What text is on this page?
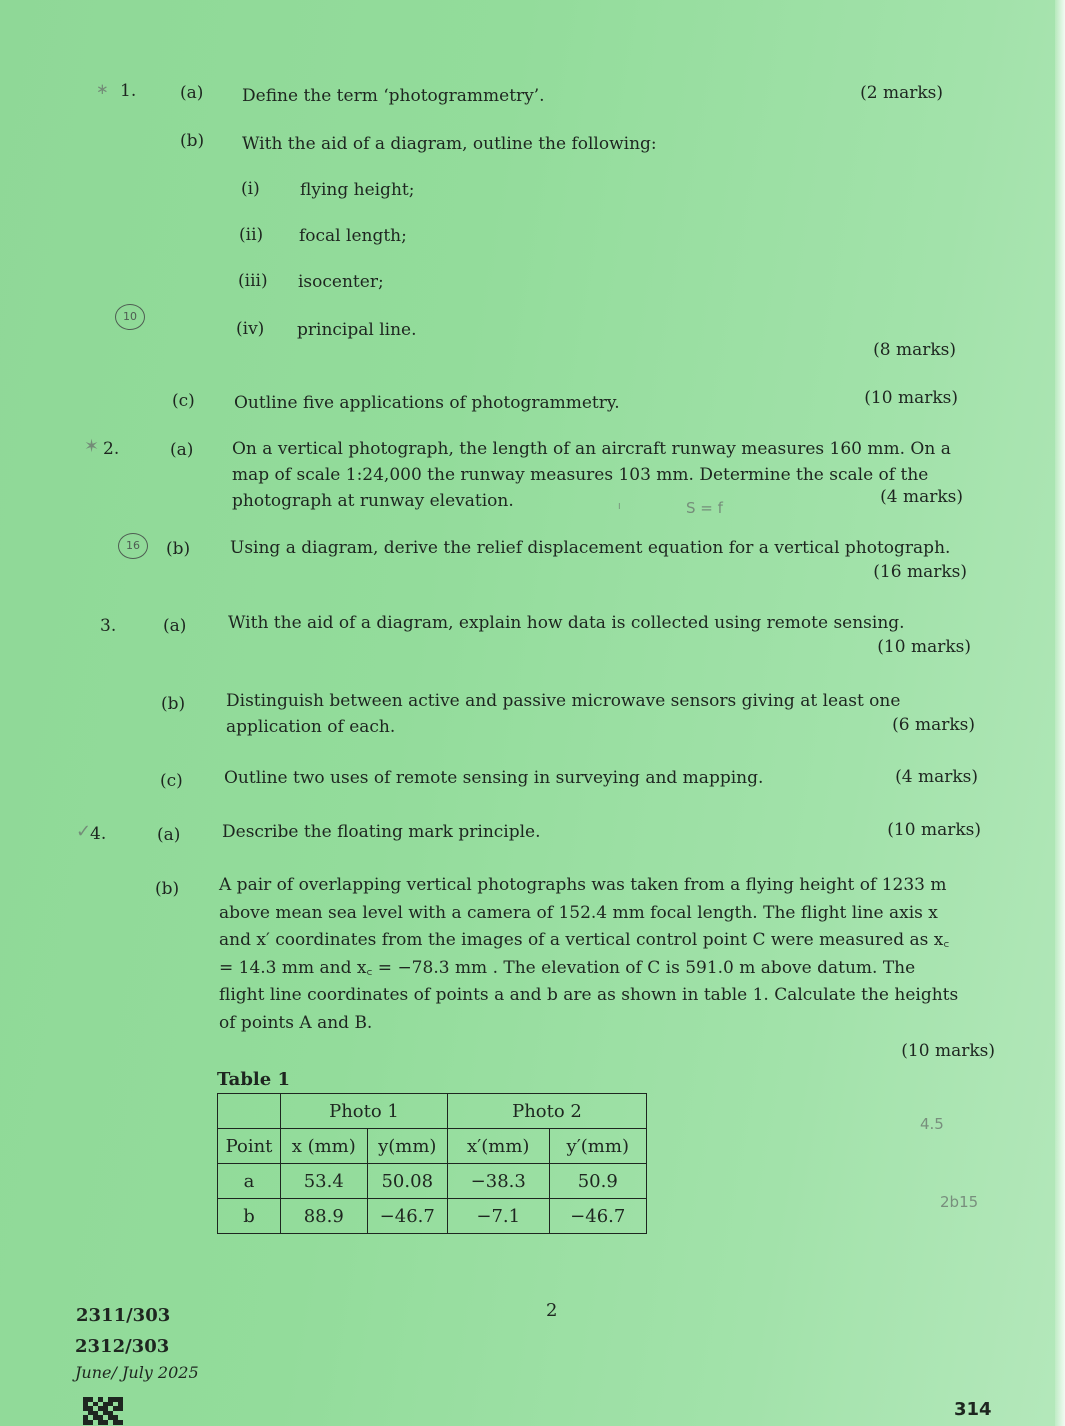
∗ 1.	(a) Define the term ‘photogrammetry’.	(2 marks)
(b) With the aid of a diagram, outline the following:
(i) flying height;
(ii) focal length;
(iii) isocenter;
10
(iv) principal line.
(8 marks)
(c) Outline five applications of photogrammetry.	(10 marks)
✶ 2.	(a) On a vertical photograph, the length of an aircraft runway measures 160 mm. On a map of scale 1:24,000 the runway measures 103 mm. Determine the scale of the photograph at runway elevation.	(4 marks)
ˡ	S = f
16	(b) Using a diagram, derive the relief displacement equation for a vertical photograph.
(16 marks)
3.	(a) With the aid of a diagram, explain how data is collected using remote sensing.
(10 marks)
(b) Distinguish between active and passive microwave sensors giving at least one application of each.	(6 marks)
(c) Outline two uses of remote sensing in surveying and mapping.	(4 marks)
✓
4.	(a) Describe the floating mark principle.	(10 marks)
(b) A pair of overlapping vertical photographs was taken from a flying height of 1233 m above mean sea level with a camera of 152.4 mm focal length. The flight line axis x and x′ coordinates from the images of a vertical control point C were measured as x꜀ = 14.3 mm and x꜀ = −78.3 mm . The elevation of C is 591.0 m above datum. The flight line coordinates of points a and b are as shown in table 1. Calculate the heights of points A and B.
(10 marks)
Table 1
	Photo 1		Photo 2	
Point	x (mm)	y(mm)	x′(mm)	y′(mm)
a	53.4	50.08	−38.3	50.9
b	88.9	−46.7	−7.1	−46.7
4.5
2b15
2311/303
2312/303
June/ July 2025
2
314
